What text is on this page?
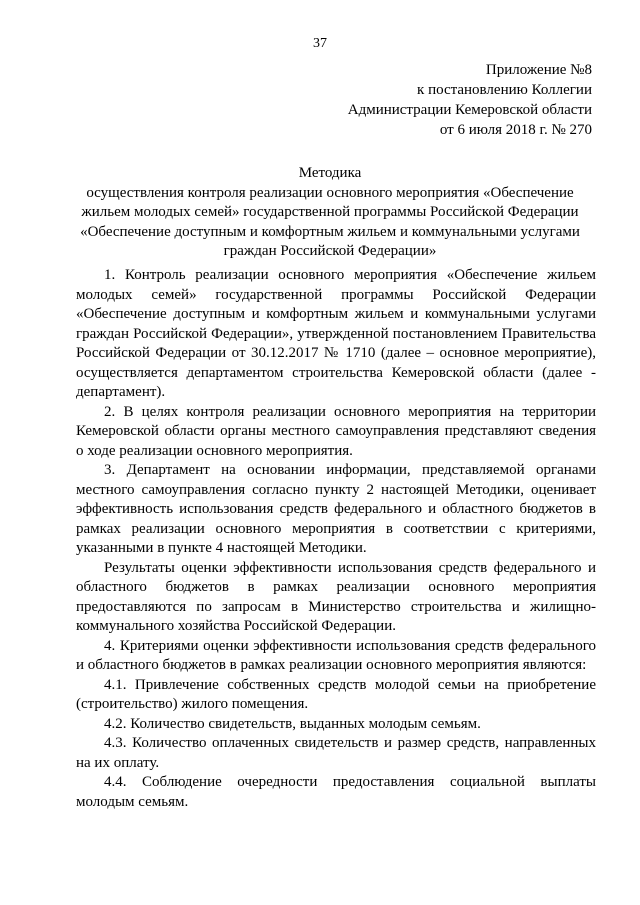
37
Приложение №8
к постановлению Коллегии
Администрации Кемеровской области
от 6 июля 2018 г. № 270
Методика
осуществления контроля реализации основного мероприятия «Обеспечение
жильем молодых семей» государственной программы Российской Федерации
«Обеспечение доступным и комфортным жильем и коммунальными услугами
граждан Российской Федерации»

1. Контроль реализации основного мероприятия «Обеспечение жильем молодых семей» государственной программы Российской Федерации «Обеспечение доступным и комфортным жильем и коммунальными услугами граждан Российской Федерации», утвержденной постановлением Правительства Российской Федерации от 30.12.2017 № 1710 (далее – основное мероприятие), осуществляется департаментом строительства Кемеровской области (далее - департамент).

2. В целях контроля реализации основного мероприятия на территории Кемеровской области органы местного самоуправления представляют сведения о ходе реализации основного мероприятия.

3. Департамент на основании информации, представляемой органами местного самоуправления согласно пункту 2 настоящей Методики, оценивает эффективность использования средств федерального и областного бюджетов в рамках реализации основного мероприятия в соответствии с критериями, указанными в пункте 4 настоящей Методики.

Результаты оценки эффективности использования средств федерального и областного бюджетов в рамках реализации основного мероприятия предоставляются по запросам в Министерство строительства и жилищно-коммунального хозяйства Российской Федерации.

4. Критериями оценки эффективности использования средств федерального и областного бюджетов в рамках реализации основного мероприятия являются:

4.1. Привлечение собственных средств молодой семьи на приобретение (строительство) жилого помещения.

4.2. Количество свидетельств, выданных молодым семьям.

4.3. Количество оплаченных свидетельств и размер средств, направленных на их оплату.

4.4. Соблюдение очередности предоставления социальной выплаты молодым семьям.
